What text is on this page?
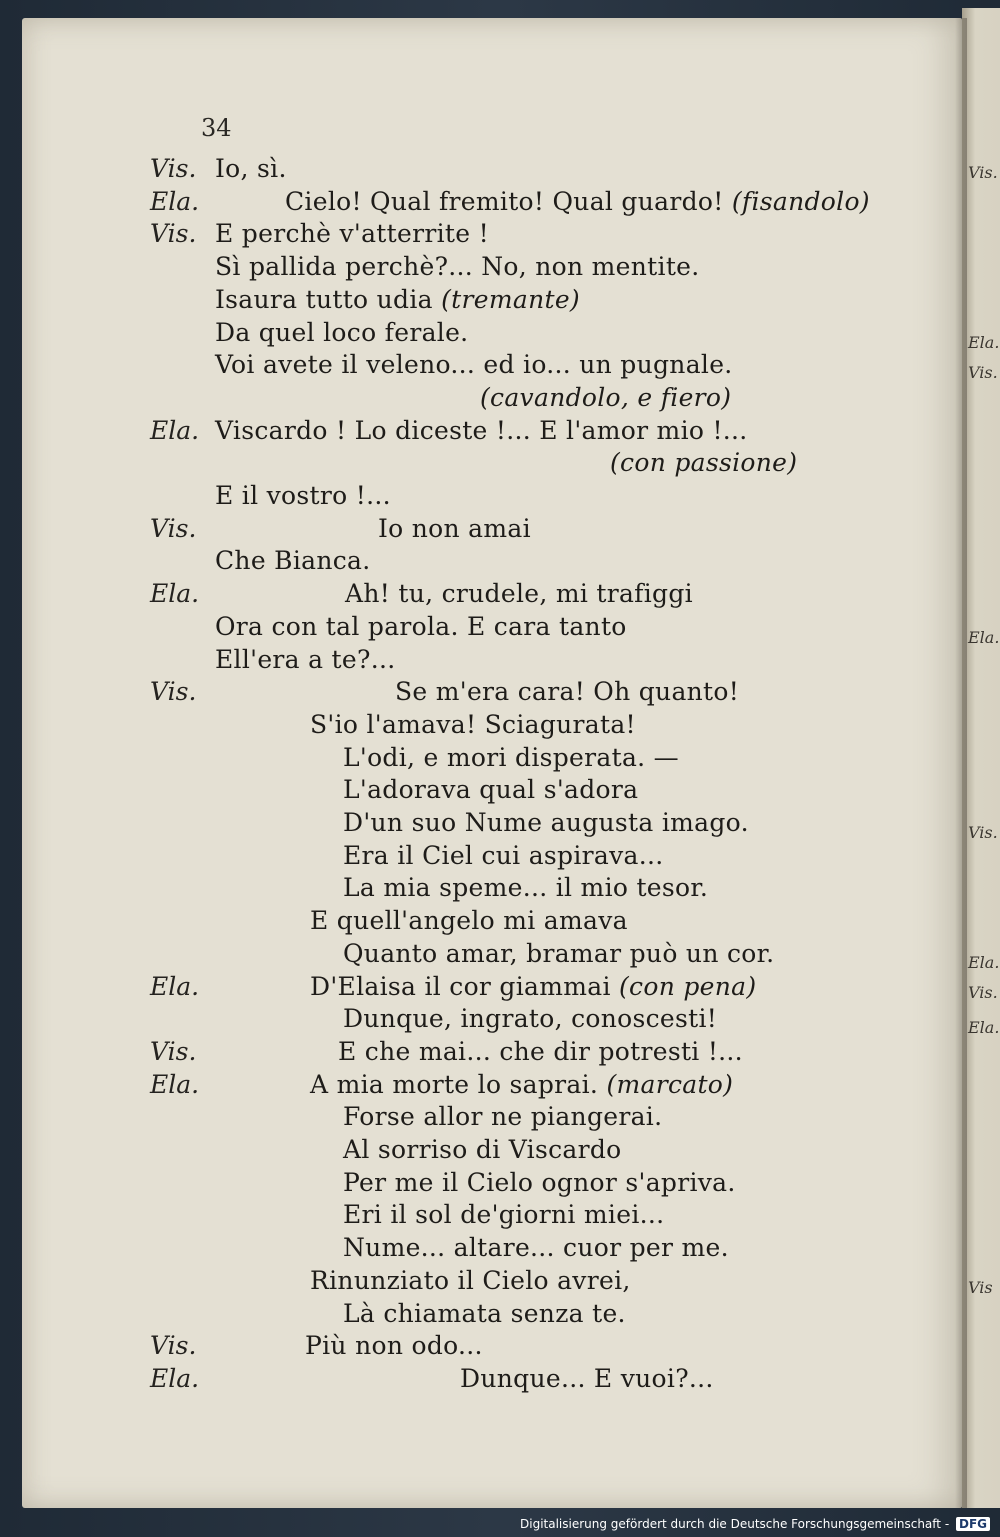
Vis.
Ela.
Vis.
Ela.
Vis.
Ela.
Vis.
Ela.
Vis
34
Vis. Io, sì.
Ela.	Cielo! Qual fremito! Qual guardo! (fisandolo)
Vis. E perchè v'atterrite !
Sì pallida perchè?... No, non mentite.
Isaura tutto udia (tremante)
Da quel loco ferale.
Voi avete il veleno... ed io... un pugnale.
(cavandolo, e fiero)
Ela. Viscardo ! Lo diceste !... E l'amor mio !...
(con passione)
E il vostro !...
Vis.	Io non amai
Che Bianca.
Ela.	Ah! tu, crudele, mi trafiggi
Ora con tal parola. E cara tanto
Ell'era a te?...
Vis.	Se m'era cara! Oh quanto!
S'io l'amava! Sciagurata!
L'odi, e mori disperata. —
L'adorava qual s'adora
D'un suo Nume augusta imago.
Era il Ciel cui aspirava...
La mia speme... il mio tesor.
E quell'angelo mi amava
Quanto amar, bramar può un cor.
Ela.	D'Elaisa il cor giammai (con pena)
Dunque, ingrato, conoscesti!
Vis.	E che mai... che dir potresti !...
Ela.	A mia morte lo saprai. (marcato)
Forse allor ne piangerai.
Al sorriso di Viscardo
Per me il Cielo ognor s'apriva.
Eri il sol de'giorni miei...
Nume... altare... cuor per me.
Rinunziato il Cielo avrei,
Là chiamata senza te.
Vis.	Più non odo...
Ela.	Dunque... E vuoi?...
Digitalisierung gefördert durch die Deutsche Forschungsgemeinschaft - DFG
